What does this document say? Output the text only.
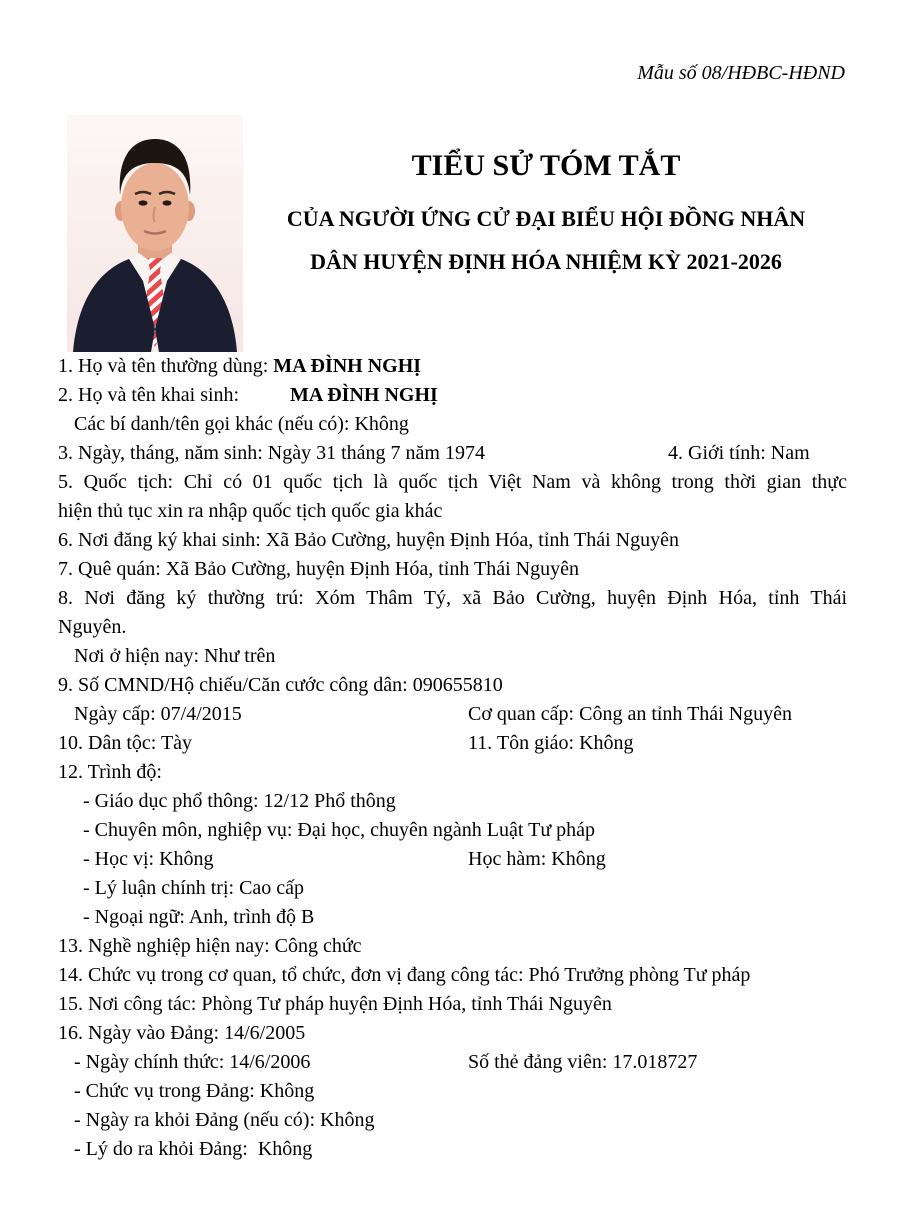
Mẫu số 08/HĐBC-HĐND
TIỂU SỬ TÓM TẮT
CỦA NGƯỜI ỨNG CỬ ĐẠI BIỂU HỘI ĐỒNG NHÂN
DÂN HUYỆN ĐỊNH HÓA NHIỆM KỲ 2021-2026
1. Họ và tên thường dùng: MA ĐÌNH NGHỊ
2. Họ và tên khai sinh:	MA ĐÌNH NGHỊ
Các bí danh/tên gọi khác (nếu có): Không
3. Ngày, tháng, năm sinh: Ngày 31 tháng 7 năm 1974	4. Giới tính: Nam
5. Quốc tịch: Chỉ có 01 quốc tịch là quốc tịch Việt Nam và không trong thời gian thực
hiện thủ tục xin ra nhập quốc tịch quốc gia khác
6. Nơi đăng ký khai sinh: Xã Bảo Cường, huyện Định Hóa, tỉnh Thái Nguyên
7. Quê quán: Xã Bảo Cường, huyện Định Hóa, tỉnh Thái Nguyên
8. Nơi đăng ký thường trú: Xóm Thâm Tý, xã Bảo Cường, huyện Định Hóa, tỉnh Thái
Nguyên.
Nơi ở hiện nay: Như trên
9. Số CMND/Hộ chiếu/Căn cước công dân: 090655810
Ngày cấp: 07/4/2015	Cơ quan cấp: Công an tỉnh Thái Nguyên
10. Dân tộc: Tày	11. Tôn giáo: Không
12. Trình độ:
- Giáo dục phổ thông: 12/12 Phổ thông
- Chuyên môn, nghiệp vụ: Đại học, chuyên ngành Luật Tư pháp
- Học vị: Không	Học hàm: Không
- Lý luận chính trị: Cao cấp
- Ngoại ngữ: Anh, trình độ B
13. Nghề nghiệp hiện nay: Công chức
14. Chức vụ trong cơ quan, tổ chức, đơn vị đang công tác: Phó Trưởng phòng Tư pháp
15. Nơi công tác: Phòng Tư pháp huyện Định Hóa, tỉnh Thái Nguyên
16. Ngày vào Đảng: 14/6/2005
- Ngày chính thức: 14/6/2006	Số thẻ đảng viên: 17.018727
- Chức vụ trong Đảng: Không
- Ngày ra khỏi Đảng (nếu có): Không
- Lý do ra khỏi Đảng:  Không
